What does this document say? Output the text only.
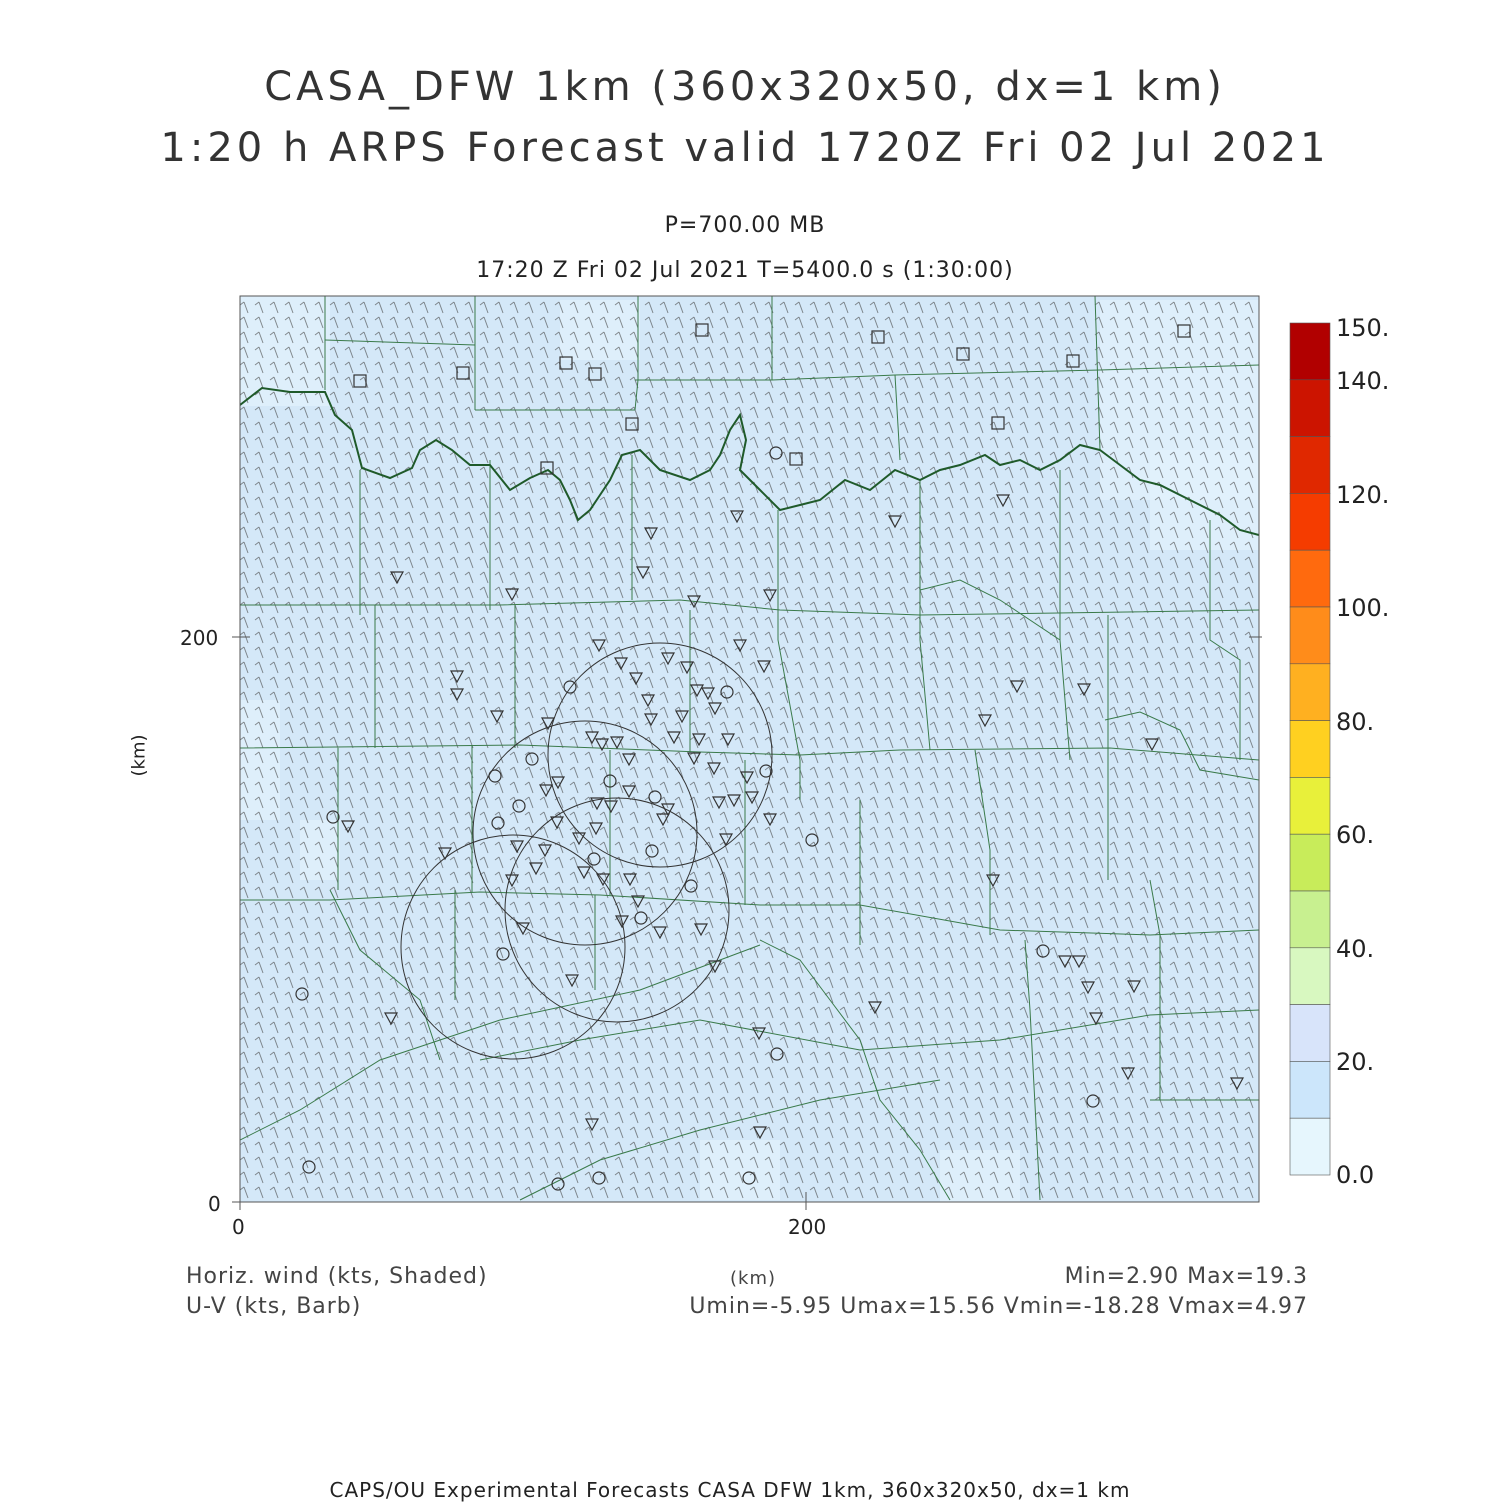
CASA_DFW 1km (360x320x50, dx=1 km)
1:20 h ARPS Forecast valid 1720Z Fri 02 Jul 2021
P=700.00 MB
17:20 Z Fri 02 Jul 2021 T=5400.0 s (1:30:00)
200
0
0	200
(km)
150.
140.
120.
100.
80.
60.
40.
20.
0.0
Horiz. wind (kts, Shaded)
U-V (kts, Barb)
(km)	Min=2.90 Max=19.3
Umin=-5.95 Umax=15.56 Vmin=-18.28 Vmax=4.97
CAPS/OU Experimental Forecasts CASA DFW 1km, 360x320x50, dx=1 km
